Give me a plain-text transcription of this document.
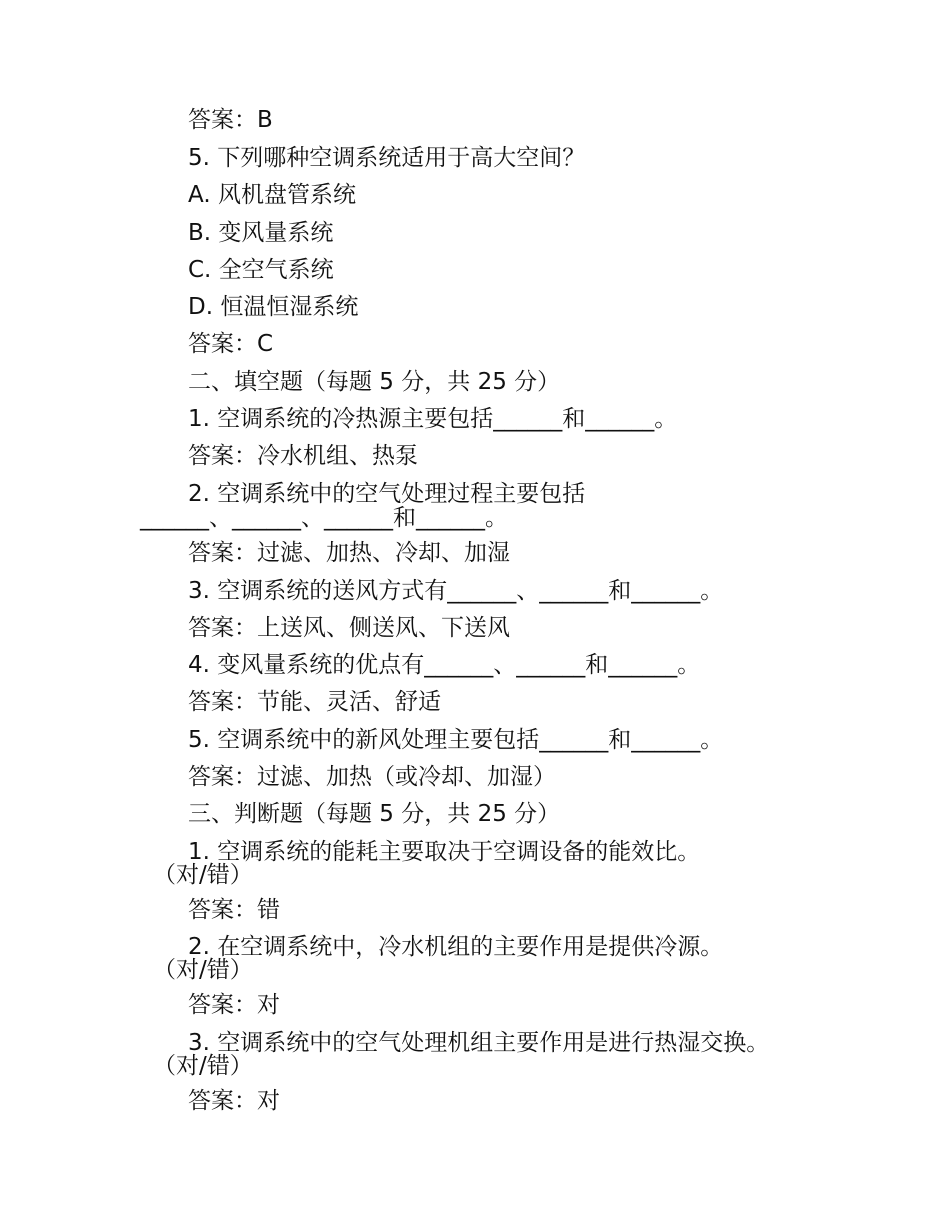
答案：B
5. 下列哪种空调系统适用于高大空间？
A. 风机盘管系统
B. 变风量系统
C. 全空气系统
D. 恒温恒湿系统
答案：C
二、填空题（每题 5 分，共 25 分）
1. 空调系统的冷热源主要包括______和______。
答案：冷水机组、热泵
2. 空调系统中的空气处理过程主要包括
______、______、______和______。
答案：过滤、加热、冷却、加湿
3. 空调系统的送风方式有______、______和______。
答案：上送风、侧送风、下送风
4. 变风量系统的优点有______、______和______。
答案：节能、灵活、舒适
5. 空调系统中的新风处理主要包括______和______。
答案：过滤、加热（或冷却、加湿）
三、判断题（每题 5 分，共 25 分）
1. 空调系统的能耗主要取决于空调设备的能效比。
（对/错）
答案：错
2. 在空调系统中，冷水机组的主要作用是提供冷源。
（对/错）
答案：对
3. 空调系统中的空气处理机组主要作用是进行热湿交换。
（对/错）
答案：对
